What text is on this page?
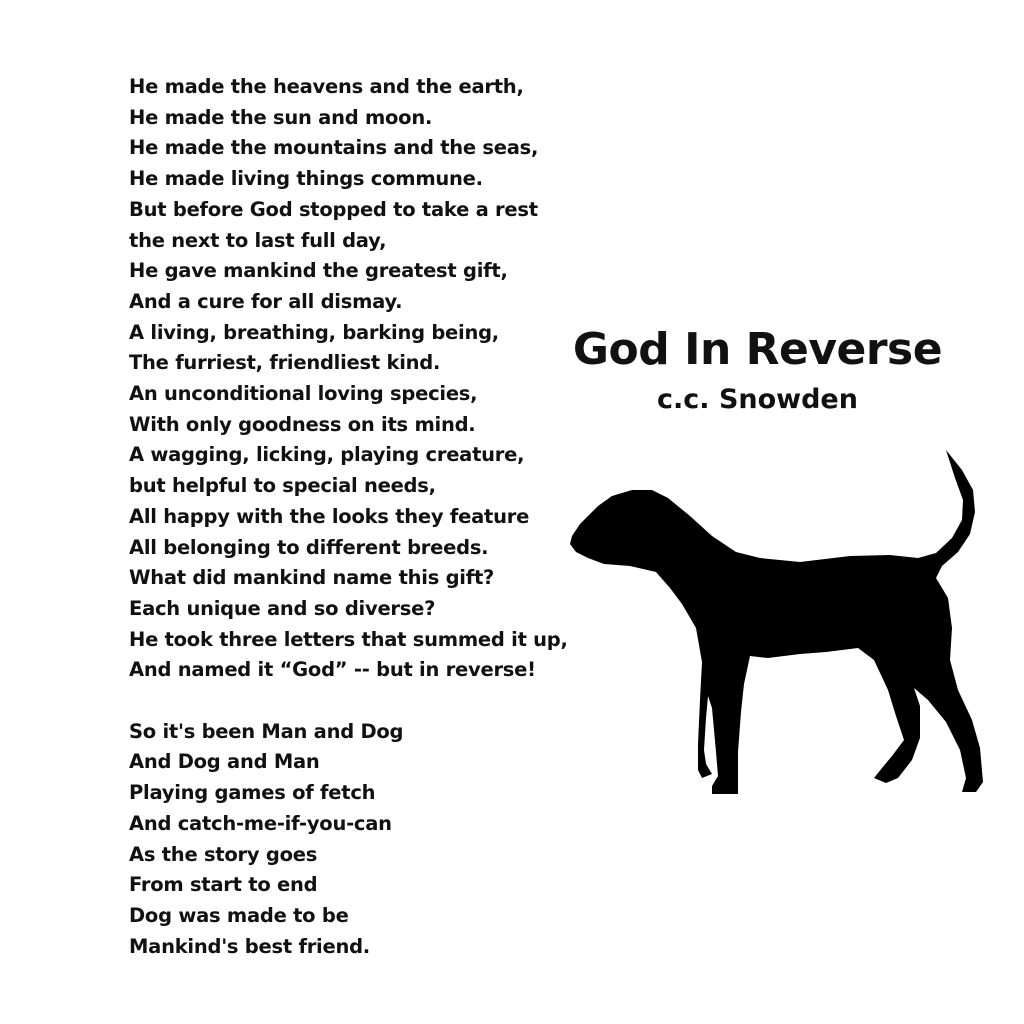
He made the heavens and the earth,
He made the sun and moon.
He made the mountains and the seas,
He made living things commune.
But before God stopped to take a rest
the next to last full day,
He gave mankind the greatest gift,
And a cure for all dismay.
A living, breathing, barking being,
The furriest, friendliest kind.
An unconditional loving species,
With only goodness on its mind.
A wagging, licking, playing creature,
but helpful to special needs,
All happy with the looks they feature
All belonging to different breeds.
What did mankind name this gift?
Each unique and so diverse?
He took three letters that summed it up,
And named it “God” -- but in reverse!
So it's been Man and Dog
And Dog and Man
Playing games of fetch
And catch-me-if-you-can
As the story goes
From start to end
Dog was made to be
Mankind's best friend.
God In Reverse
c.c. Snowden
